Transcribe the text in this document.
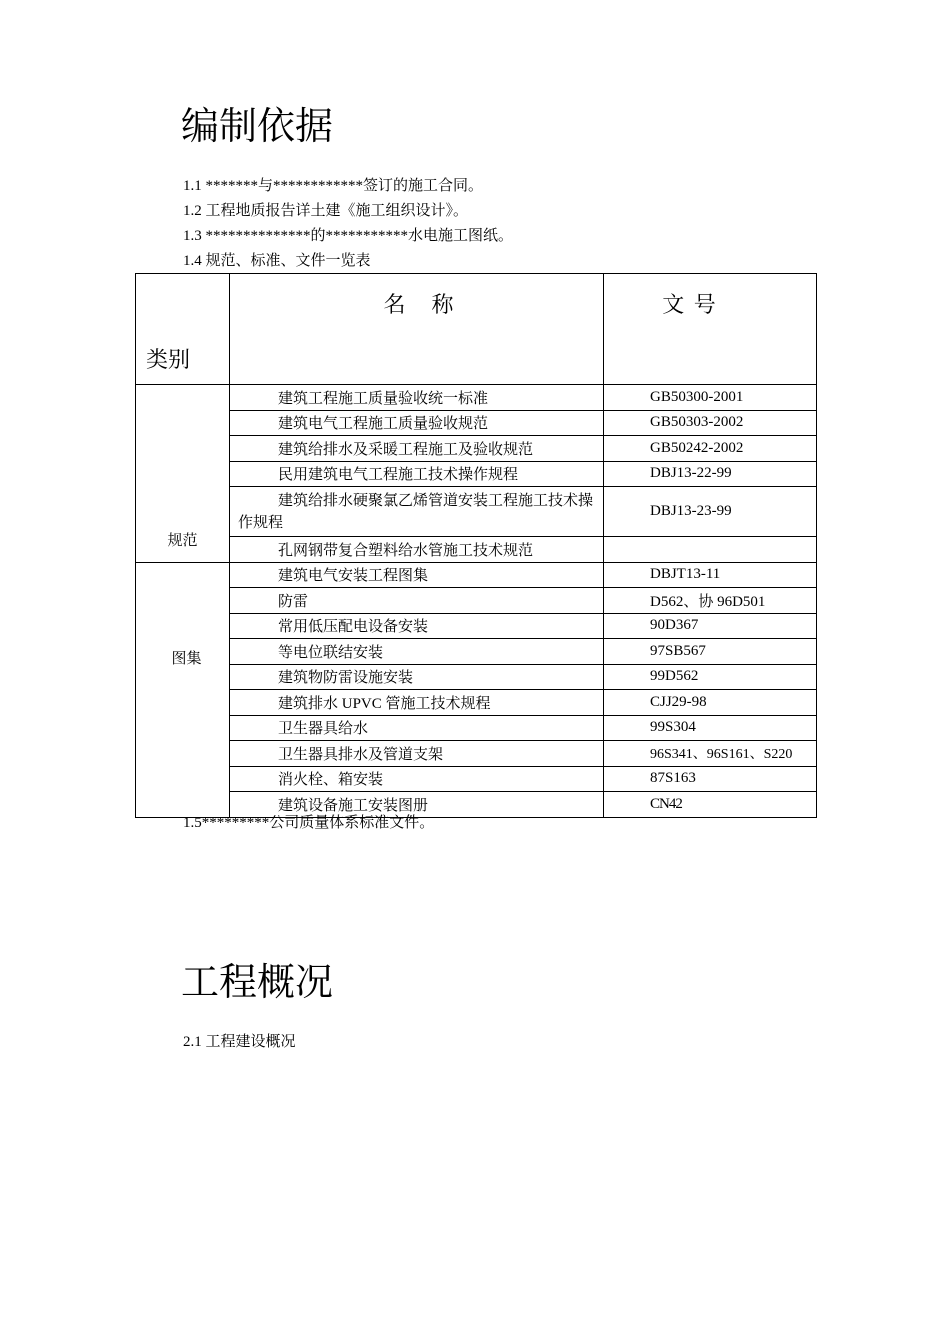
编制依据
1.1 *******与************签订的施工合同。
1.2 工程地质报告详土建《施工组织设计》。
1.3 **************的***********水电施工图纸。
1.4 规范、标准、文件一览表
类别	名　称	文 号
规范	建筑工程施工质量验收统一标准	GB50300-2001
	建筑电气工程施工质量验收规范	GB50303-2002
	建筑给排水及采暖工程施工及验收规范	GB50242-2002
	民用建筑电气工程施工技术操作规程	DBJ13-22-99
	建筑给排水硬聚氯乙烯管道安装工程施工技术操作规程	DBJ13-23-99
	孔网钢带复合塑料给水管施工技术规范	
图集	建筑电气安装工程图集	DBJT13-11
	防雷	D562、协 96D501
	常用低压配电设备安装	90D367
	等电位联结安装	97SB567
	建筑物防雷设施安装	99D562
	建筑排水 UPVC 管施工技术规程	CJJ29-98
	卫生器具给水	99S304
	卫生器具排水及管道支架	96S341、96S161、S220
	消火栓、箱安装	87S163
	建筑设备施工安装图册	CN42
1.5*********公司质量体系标准文件。
工程概况
2.1 工程建设概况
